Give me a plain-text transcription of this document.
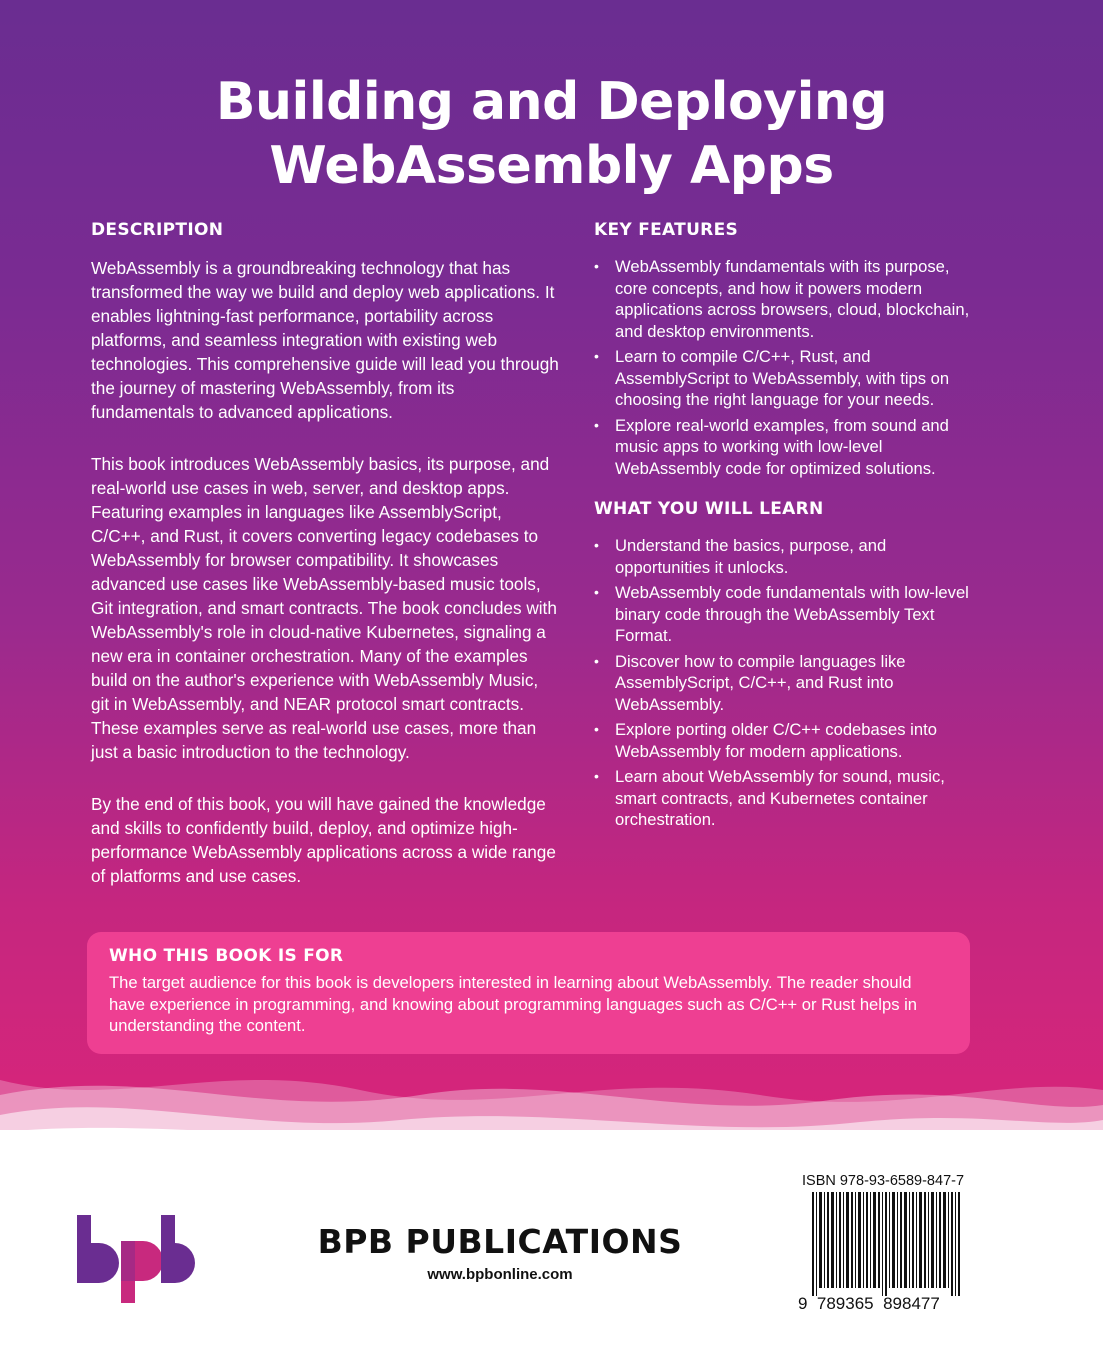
Building and Deploying
WebAssembly Apps
DESCRIPTION

WebAssembly is a groundbreaking technology that has transformed the way we build and deploy web applications. It enables lightning-fast performance, portability across platforms, and seamless integration with existing web technologies. This comprehensive guide will lead you through the journey of mastering WebAssembly, from its fundamentals to advanced applications.

This book introduces WebAssembly basics, its purpose, and real-world use cases in web, server, and desktop apps. Featuring examples in languages like AssemblyScript, C/C++, and Rust, it covers converting legacy codebases to WebAssembly for browser compatibility. It showcases advanced use cases like WebAssembly-based music tools, Git integration, and smart contracts. The book concludes with WebAssembly's role in cloud-native Kubernetes, signaling a new era in container orchestration. Many of the examples build on the author's experience with WebAssembly Music, git in WebAssembly, and NEAR protocol smart contracts. These examples serve as real-world use cases, more than just a basic introduction to the technology.

By the end of this book, you will have gained the knowledge and skills to confidently build, deploy, and optimize high-performance WebAssembly applications across a wide range of platforms and use cases.

KEY FEATURES
• WebAssembly fundamentals with its purpose, core concepts, and how it powers modern applications across browsers, cloud, blockchain, and desktop environments.
• Learn to compile C/C++, Rust, and AssemblyScript to WebAssembly, with tips on choosing the right language for your needs.
• Explore real-world examples, from sound and music apps to working with low-level WebAssembly code for optimized solutions.
WHAT YOU WILL LEARN
• Understand the basics, purpose, and opportunities it unlocks.
• WebAssembly code fundamentals with low-level binary code through the WebAssembly Text Format.
• Discover how to compile languages like AssemblyScript, C/C++, and Rust into WebAssembly.
• Explore porting older C/C++ codebases into WebAssembly for modern applications.
• Learn about WebAssembly for sound, music, smart contracts, and Kubernetes container orchestration.
WHO THIS BOOK IS FOR

The target audience for this book is developers interested in learning about WebAssembly. The reader should have experience in programming, and knowing about programming languages such as C/C++ or Rust helps in understanding the content.

BPB PUBLICATIONS
www.bpbonline.com
ISBN 978-93-6589-847-7
9  789365  898477
